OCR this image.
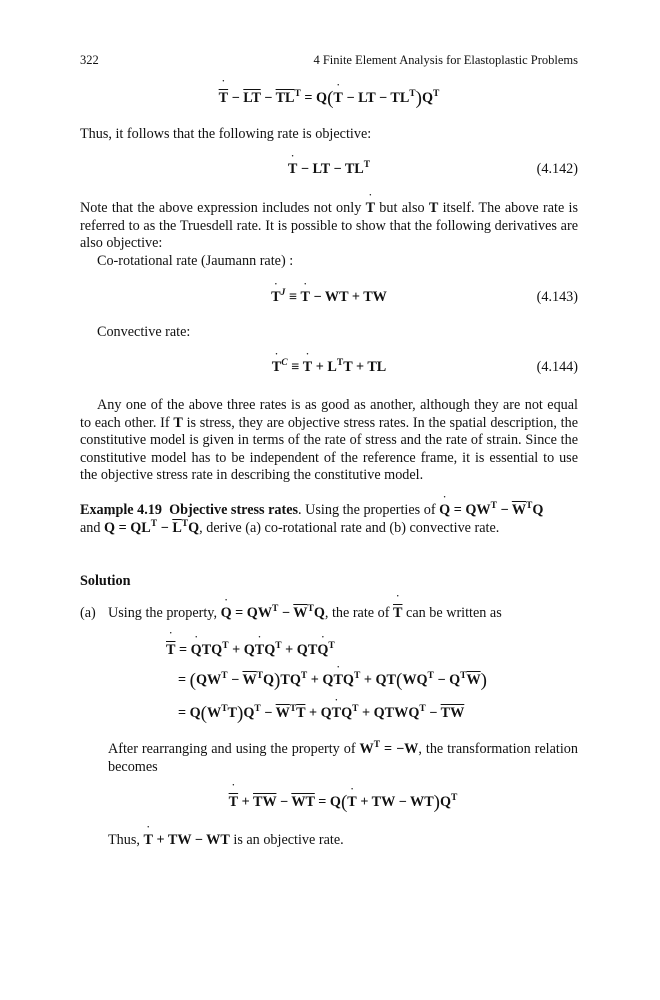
322	4 Finite Element Analysis for Elastoplastic Problems
˙ $\overline{T} - \overline{LT} - \overline{TL}^T$ = Q(˙ T − LT − $TL^T)Q^T$
Thus, it follows that the following rate is objective:
˙ T − LT − $TL^T$	(4.142)
Note that the above expression includes not only ˙ T but also T itself. The above rate is referred to as the Truesdell rate. It is possible to show that the following derivatives are also objective:
Co-rotational rate (Jaumann rate) :
˙ $T^J$ ≡ ˙ T − WT + TW	(4.143)
Convective rate:
˙ $T^C$ ≡ ˙ $T + L^TT$ + TL	(4.144)
Any one of the above three rates is as good as another, although they are not equal to each other. If T is stress, they are objective stress rates. In the spatial description, the constitutive model is given in terms of the rate of stress and the rate of strain. Since the constitutive model has to be independent of the reference frame, it is essential to use the objective stress rate in describing the constitutive model.
Example 4.19 Objective stress rates. Using the properties of ˙ $Q = QW^T - \overline{W}^TQ$
and ˙ $Q = QL^T - \overline{L}^TQ$, derive (a) co-rotational rate and (b) convective rate.
Solution
(a) Using the property, ˙ $Q = QW^T - \overline{W}^TQ$, the rate of ˙ $\overline{T}$ can be written as
˙ $\overline{T}$ = ˙ $QTQ^T$ + Q˙ $TQ^T$ + QT˙ $Q^T$
= $(QW^T - \overline{W}^TQ)TQ^T$ + Q˙ $TQ^T + QT(WQ^T - Q^T\overline{W})$
= $Q(W^TT)Q^T - \overline{W}^T\overline{T}$ + Q˙ $TQ^T$ + $QTWQ^T - \overline{TW}$
After rearranging and using the property of $W^T = -W$, the transformation relation becomes
˙ $\overline{T} + \overline{TW} - \overline{WT}$ = Q(˙ T + TW − $WT)Q^T$
Thus, ˙ T + TW − WT is an objective rate.
